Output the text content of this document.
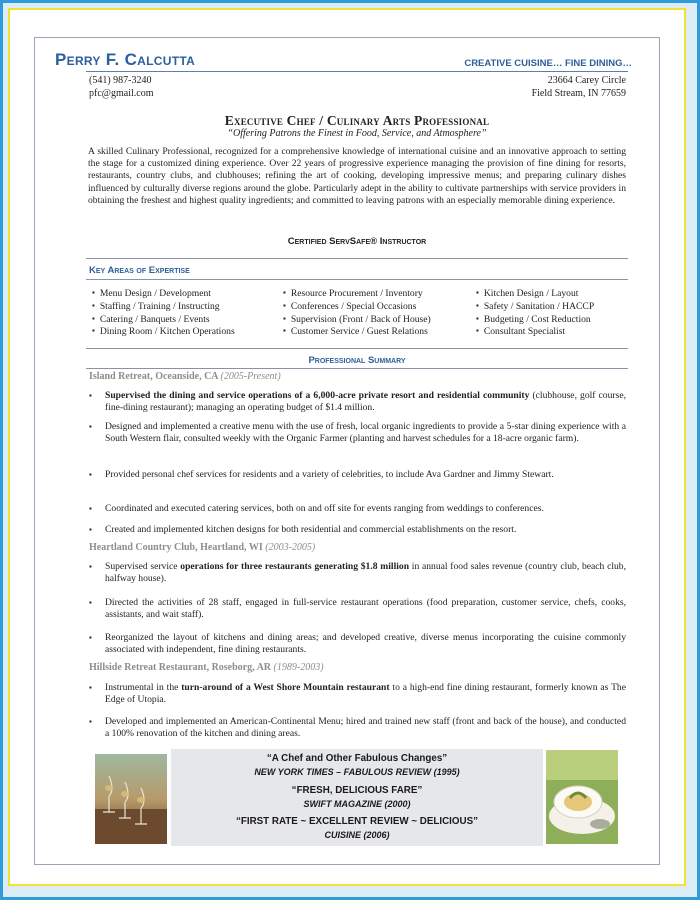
Perry F. Calcutta	CREATIVE CUISINE… FINE DINING…
(541) 987-3240
pfc@gmail.com
23664 Carey Circle
Field Stream, IN 77659
Executive Chef / Culinary Arts Professional
“Offering Patrons the Finest in Food, Service, and Atmosphere”
A skilled Culinary Professional, recognized for a comprehensive knowledge of international cuisine and an innovative approach to setting the stage for a customized dining experience. Over 22 years of progressive experience managing the provision of fine dining for resorts, restaurants, country clubs, and clubhouses; refining the art of cooking, developing impressive menus; and preparing culinary dishes influenced by culturally diverse regions around the globe. Particularly adept in the ability to cultivate partnerships with service providers in obtaining the freshest and highest quality ingredients; and committed to leaving patrons with an especially memorable dining experience.
Certified ServSafe® Instructor
Key Areas of Expertise
▪ Menu Design / Development
▪ Staffing / Training / Instructing
▪ Catering / Banquets / Events
▪ Dining Room / Kitchen Operations
▪ Resource Procurement / Inventory
▪ Conferences / Special Occasions
▪ Supervision (Front / Back of House)
▪ Customer Service / Guest Relations
▪ Kitchen Design / Layout
▪ Safety / Sanitation / HACCP
▪ Budgeting / Cost Reduction
▪ Consultant Specialist
Professional Summary
Island Retreat, Oceanside, CA (2005-Present)
▪ Supervised the dining and service operations of a 6,000-acre private resort and residential community (clubhouse, golf course, fine-dining restaurant); managing an operating budget of $1.4 million.
▪ Designed and implemented a creative menu with the use of fresh, local organic ingredients to provide a 5-star dining experience with a South Western flair, consulted weekly with the Organic Farmer (planting and harvest schedules for a 18-acre organic farm).
▪ Provided personal chef services for residents and a variety of celebrities, to include Ava Gardner and Jimmy Stewart.
▪ Coordinated and executed catering services, both on and off site for events ranging from weddings to conferences.
▪ Created and implemented kitchen designs for both residential and commercial establishments on the resort.
Heartland Country Club, Heartland, WI (2003-2005)
▪ Supervised service operations for three restaurants generating $1.8 million in annual food sales revenue (country club, beach club, halfway house).
▪ Directed the activities of 28 staff, engaged in full-service restaurant operations (food preparation, customer service, chefs, cooks, assistants, and wait staff).
▪ Reorganized the layout of kitchens and dining areas; and developed creative, diverse menus incorporating the cuisine commonly associated with independent, fine dining restaurants.
Hillside Retreat Restaurant, Roseborg, AR (1989-2003)
▪ Instrumental in the turn-around of a West Shore Mountain restaurant to a high-end fine dining restaurant, formerly known as The Edge of Utopia.
▪ Developed and implemented an American-Continental Menu; hired and trained new staff (front and back of the house), and conducted a 100% renovation of the kitchen and dining areas.
“A Chef and Other Fabulous Changes”
NEW YORK TIMES – FABULOUS REVIEW (1995)
“FRESH, DELICIOUS FARE”
SWIFT MAGAZINE (2000)
“FIRST RATE ~ EXCELLENT REVIEW ~ DELICIOUS”
CUISINE (2006)
